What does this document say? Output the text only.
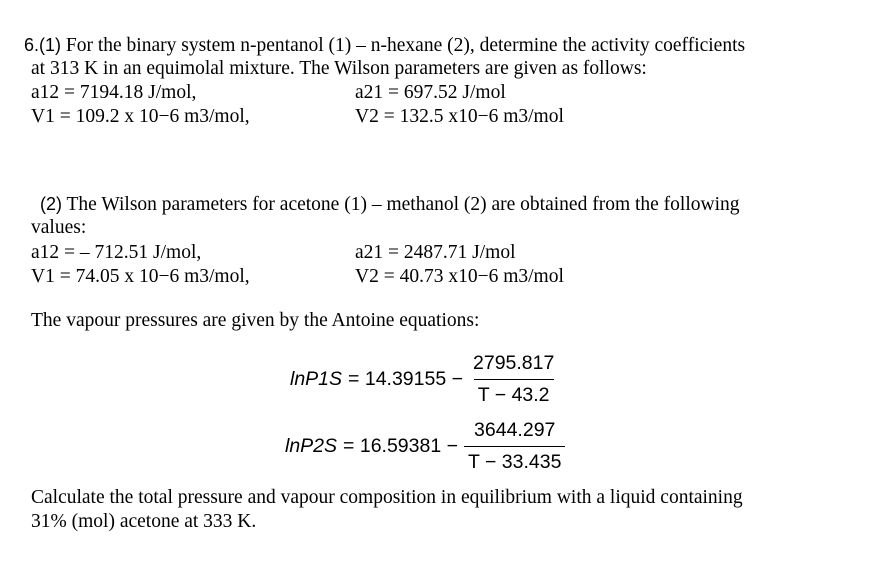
6.(1) For the binary system n-pentanol (1) – n-hexane (2), determine the activity coefficients
at 313 K in an equimolal mixture. The Wilson parameters are given as follows:
a12 = 7194.18 J/mol,	a21 = 697.52 J/mol
V1 = 109.2 x 10−6 m3/mol,	V2 = 132.5 x10−6 m3/mol
(2) The Wilson parameters for acetone (1) – methanol (2) are obtained from the following
values:
a12 = – 712.51 J/mol,	a21 = 2487.71 J/mol
V1 = 74.05 x 10−6 m3/mol,	V2 = 40.73 x10−6 m3/mol
The vapour pressures are given by the Antoine equations:
$\ln P1S = 14.39155 - \frac{2795.817}{T - 43.2}$
$\ln P2S = 16.59381 - \frac{3644.297}{T - 33.435}$
Calculate the total pressure and vapour composition in equilibrium with a liquid containing
31% (mol) acetone at 333 K.
